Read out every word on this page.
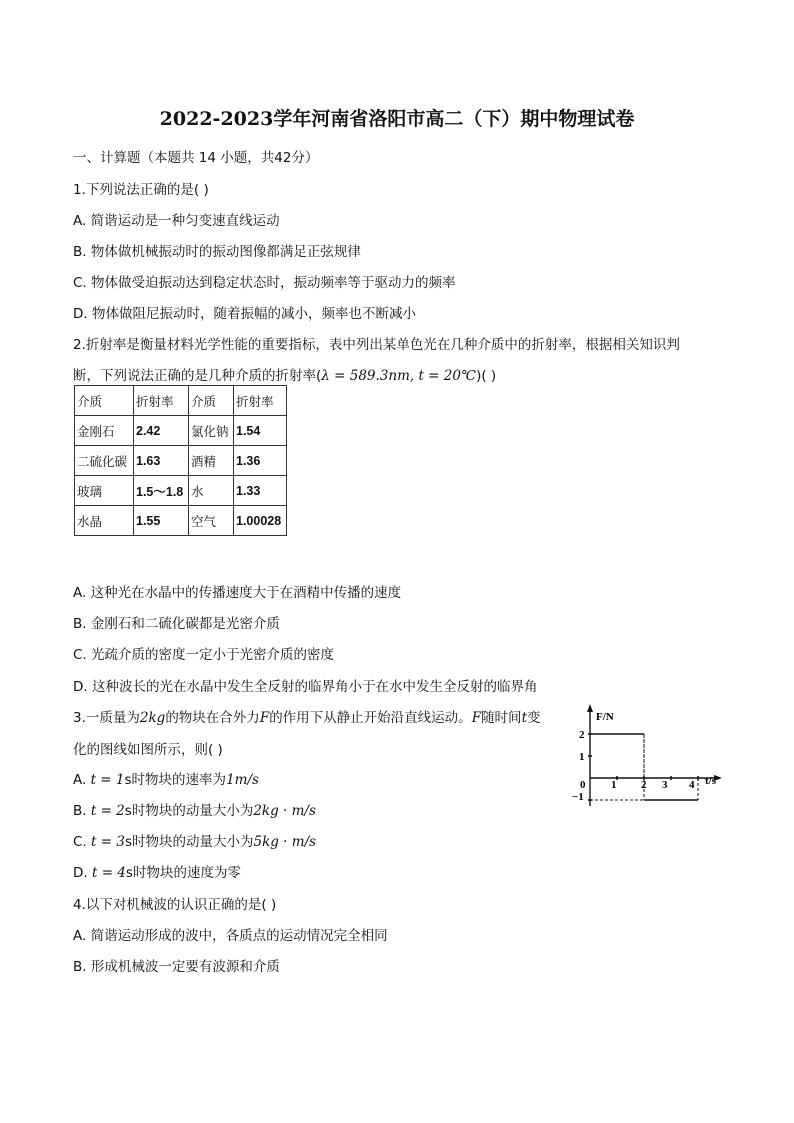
2022-2023学年河南省洛阳市高二（下）期中物理试卷
一、计算题（本题共 14 小题，共42分）
1.下列说法正确的是( )
A. 简谐运动是一种匀变速直线运动
B. 物体做机械振动时的振动图像都满足正弦规律
C. 物体做受迫振动达到稳定状态时，振动频率等于驱动力的频率
D. 物体做阻尼振动时，随着振幅的减小，频率也不断减小
2.折射率是衡量材料光学性能的重要指标，表中列出某单色光在几种介质中的折射率，根据相关知识判
断，下列说法正确的是几种介质的折射率(λ = 589.3nm, t = 20℃)( )
介质	折射率	介质	折射率
金刚石	2.42	氯化钠	1.54
二硫化碳	1.63	酒精	1.36
玻璃	1.5～1.8	水	1.33
水晶	1.55	空气	1.00028
A. 这种光在水晶中的传播速度大于在酒精中传播的速度
B. 金刚石和二硫化碳都是光密介质
C. 光疏介质的密度一定小于光密介质的密度
D. 这种波长的光在水晶中发生全反射的临界角小于在水中发生全反射的临界角
3.一质量为2kg的物块在合外力F的作用下从静止开始沿直线运动。F随时间t变
化的图线如图所示，则( )
A. t = 1s时物块的速率为1m/s
B. t = 2s时物块的动量大小为2kg · m/s
C. t = 3s时物块的动量大小为5kg · m/s
D. t = 4s时物块的速度为零
F/N
t/s
2
1
−1
0 1 2 3 4
4.以下对机械波的认识正确的是( )
A. 简谐运动形成的波中，各质点的运动情况完全相同
B. 形成机械波一定要有波源和介质
